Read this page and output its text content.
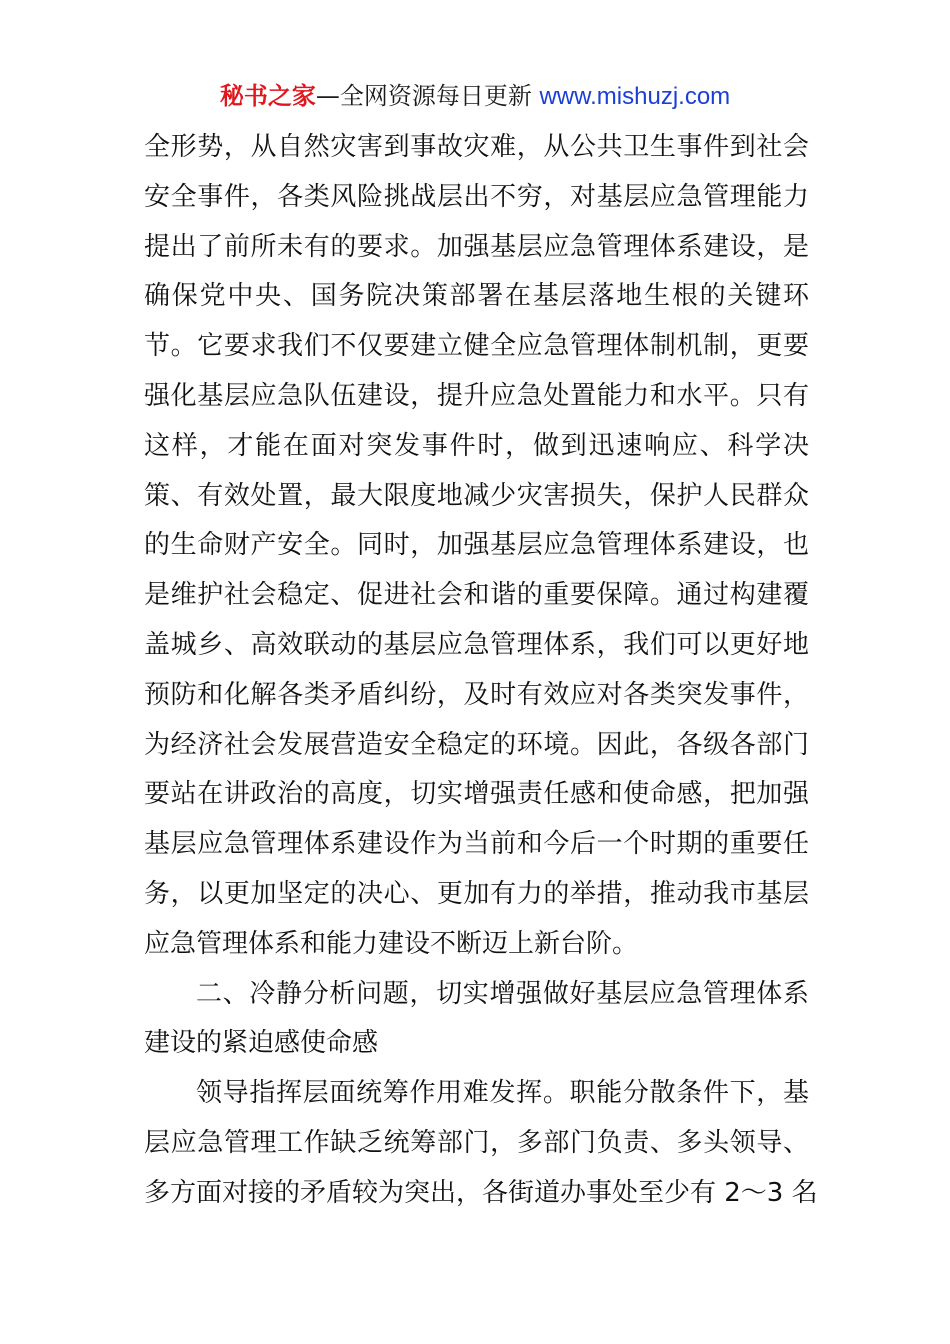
秘书之家—全网资源每日更新 www.mishuzj.com
全形势，从自然灾害到事故灾难，从公共卫生事件到社会
安全事件，各类风险挑战层出不穷，对基层应急管理能力
提出了前所未有的要求。加强基层应急管理体系建设，是
确保党中央、国务院决策部署在基层落地生根的关键环
节。它要求我们不仅要建立健全应急管理体制机制，更要
强化基层应急队伍建设，提升应急处置能力和水平。只有
这样，才能在面对突发事件时，做到迅速响应、科学决
策、有效处置，最大限度地减少灾害损失，保护人民群众
的生命财产安全。同时，加强基层应急管理体系建设，也
是维护社会稳定、促进社会和谐的重要保障。通过构建覆
盖城乡、高效联动的基层应急管理体系，我们可以更好地
预防和化解各类矛盾纠纷，及时有效应对各类突发事件，
为经济社会发展营造安全稳定的环境。因此，各级各部门
要站在讲政治的高度，切实增强责任感和使命感，把加强
基层应急管理体系建设作为当前和今后一个时期的重要任
务，以更加坚定的决心、更加有力的举措，推动我市基层
应急管理体系和能力建设不断迈上新台阶。
二、冷静分析问题，切实增强做好基层应急管理体系
建设的紧迫感使命感
领导指挥层面统筹作用难发挥。职能分散条件下，基
层应急管理工作缺乏统筹部门，多部门负责、多头领导、
多方面对接的矛盾较为突出，各街道办事处至少有 2～3 名
